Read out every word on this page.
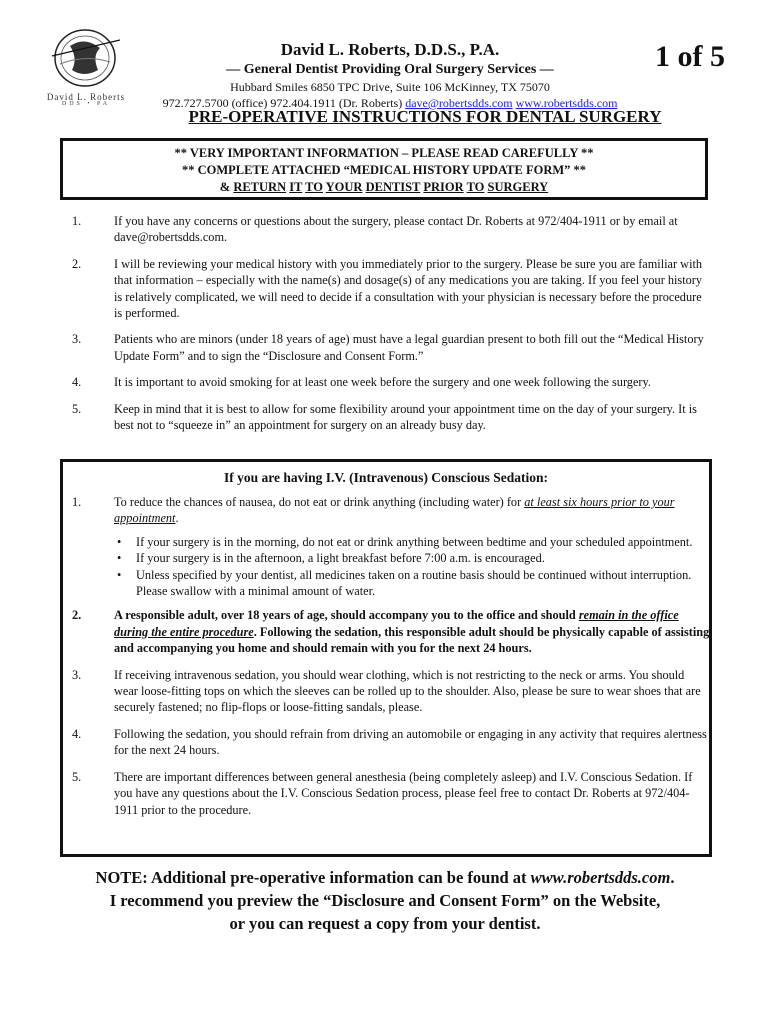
David L. Roberts
DDS • PA
David L. Roberts, D.D.S., P.A.
— General Dentist Providing Oral Surgery Services —
Hubbard Smiles 6850 TPC Drive, Suite 106 McKinney, TX 75070
972.727.5700 (office) 972.404.1911 (Dr. Roberts) dave@robertsdds.com www.robertsdds.com
1 of 5
PRE-OPERATIVE INSTRUCTIONS FOR DENTAL SURGERY
** VERY IMPORTANT INFORMATION – PLEASE READ CAREFULLY **
** COMPLETE ATTACHED “MEDICAL HISTORY UPDATE FORM” **
& RETURN IT TO YOUR DENTIST PRIOR TO SURGERY
1.	If you have any concerns or questions about the surgery, please contact Dr. Roberts at 972/404-1911 or by email at dave@robertsdds.com.
2.	I will be reviewing your medical history with you immediately prior to the surgery. Please be sure you are familiar with that information – especially with the name(s) and dosage(s) of any medications you are taking. If you feel your history is relatively complicated, we will need to decide if a consultation with your physician is necessary before the procedure is performed.
3.	Patients who are minors (under 18 years of age) must have a legal guardian present to both fill out the “Medical History Update Form” and to sign the “Disclosure and Consent Form.”
4.	It is important to avoid smoking for at least one week before the surgery and one week following the surgery.
5.	Keep in mind that it is best to allow for some flexibility around your appointment time on the day of your surgery. It is best not to “squeeze in” an appointment for surgery on an already busy day.
If you are having I.V. (Intravenous) Conscious Sedation:
1.	To reduce the chances of nausea, do not eat or drink anything (including water) for at least six hours prior to your appointment.
• If your surgery is in the morning, do not eat or drink anything between bedtime and your scheduled appointment.
• If your surgery is in the afternoon, a light breakfast before 7:00 a.m. is encouraged.
• Unless specified by your dentist, all medicines taken on a routine basis should be continued without interruption. Please swallow with a minimal amount of water.
2.	A responsible adult, over 18 years of age, should accompany you to the office and should remain in the office during the entire procedure. Following the sedation, this responsible adult should be physically capable of assisting and accompanying you home and should remain with you for the next 24 hours.
3.	If receiving intravenous sedation, you should wear clothing, which is not restricting to the neck or arms. You should wear loose-fitting tops on which the sleeves can be rolled up to the shoulder. Also, please be sure to wear shoes that are securely fastened; no flip-flops or loose-fitting sandals, please.
4.	Following the sedation, you should refrain from driving an automobile or engaging in any activity that requires alertness for the next 24 hours.
5.	There are important differences between general anesthesia (being completely asleep) and I.V. Conscious Sedation. If you have any questions about the I.V. Conscious Sedation process, please feel free to contact Dr. Roberts at 972/404-1911 prior to the procedure.
NOTE: Additional pre-operative information can be found at www.robertsdds.com.
I recommend you preview the “Disclosure and Consent Form” on the Website,
or you can request a copy from your dentist.
